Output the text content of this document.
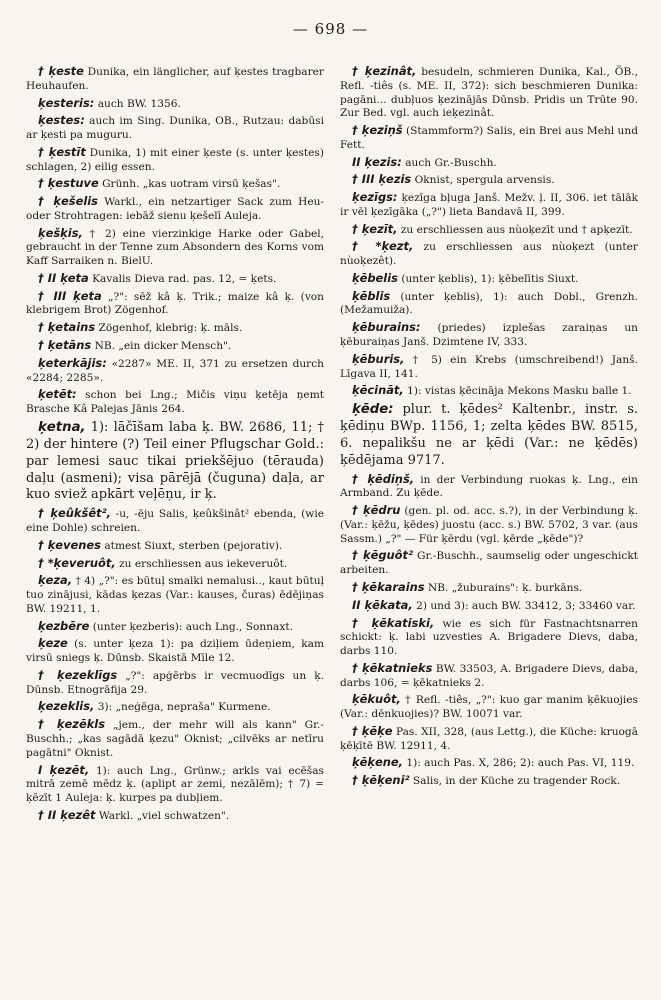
— 698 —

† ķeste Dunika, ein länglicher, auf ķestes tragbarer Heuhaufen.

ķesteris: auch BW. 1356.

ķestes: auch im Sing. Dunika, OB., Rutzau: dabūsi ar ķesti pa muguru.

† ķestīt Dunika, 1) mit einer ķeste (s. unter ķestes) schlagen, 2) eilig essen.

† ķestuve Grünh. „kas uotram virsū ķešas".

† ķešelis Warkl., ein netzartiger Sack zum Heu- oder Strohtragen: iebāž sienu ķešelī Auleja.

ķešķis, † 2) eine vierzinkige Harke oder Gabel, gebraucht in der Tenne zum Absondern des Korns vom Kaff Sarraiken n. BielU.

† II ķeta Kavalis Dieva rad. pas. 12, = ķets.

† III ķeta „?": sēž kâ ķ. Trik.; maize kâ ķ. (von klebrigem Brot) Zögenhof.

† ķetains Zögenhof, klebrig: ķ. māls.

† ķetāns NB. „ein dicker Mensch".

ķeterkājis: «2287» ME. II, 371 zu ersetzen durch «2284; 2285».

ķetēt: schon bei Lng.; Mičis viņu ķetēja ņemt Brasche Kâ Palejas Jānis 264.

ķetna, 1): lāčīšam laba ķ. BW. 2686, 11; † 2) der hintere (?) Teil einer Pflugschar Gold.: par lemesi sauc tikai priekšējuo (tērauda) daļu (asmeni); visa pārējā (čuguna) daļa, ar kuo sviež apkārt veļēņu, ir ķ.

† ķeûkšêt², -u, -ēju Salis, ķeûkšinât² ebenda, (wie eine Dohle) schreien.

† ķevenes atmest Siuxt, sterben (pejorativ).

† *ķeveruôt, zu erschliessen aus iekeveruôt.

ķeza, † 4) „?": es būtuļ smalki nemalusi.., kaut būtuļ tuo zinājusi, kādas ķezas (Var.: kauses, čuras) ēdējiņas BW. 19211, 1.

ķezbēre (unter ķezberis): auch Lng., Sonnaxt.

ķeze (s. unter ķeza 1): pa dziļiem ūdeņiem, kam virsū sniegs ķ. Dūnsb. Skaistā Mīle 12.

† ķezeklīgs „?": apģērbs ir vecmuodīgs un ķ. Dūnsb. Etnogrāfija 29.

ķezeklis, 3): „neģēga, nepraša" Kurmene.

† ķezēkls „jem., der mehr will als kann" Gr.-Buschh.; „kas sagādā ķezu" Oknist; „cilvēks ar netīru pagātni" Oknist.

I ķezēt, 1): auch Lng., Grünw.; arkls vai ecēšas mitrā zemē mēdz ķ. (aplipt ar zemi, nezālēm); † 7) = ķēzīt 1 Auleja: ķ. kurpes pa dubļiem.

† II ķezêt Warkl. „viel schwatzen".

† ķezinât, besudeln, schmieren Dunika, Kal., ÖB., Refl. -tiês (s. ME. II, 372): sich beschmieren Dunika: pagāni... dubļuos ķezinājās Dūnsb. Pridis un Trūte 90. Zur Bed. vgl. auch ieķezinât.

† ķeziņš (Stammform?) Salis, ein Brei aus Mehl und Fett.

II ķezis: auch Gr.-Buschh.

† III ķezis Oknist, spergula arvensis.

ķezīgs: ķezīga bļuga Janš. Mežv. ļ. II, 306. iet tālāk ir vēl ķezīgāka („?") lieta Bandavā II, 399.

† ķezīt, zu erschliessen aus nùoķezīt und † apķezīt.

† *ķezt, zu erschliessen aus nùoķezt (unter nùoķezêt).

ķēbelis (unter ķeblis), 1): ķēbelītis Siuxt.

ķēblis (unter ķeblis), 1): auch Dobl., Grenzh. (Mežamuiža).

ķēburains: (priedes) izplešas zaraiņas un ķēburaiņas Janš. Dzimtene IV, 333.

ķēburis, † 5) ein Krebs (umschreibend!) Janš. Līgava II, 141.

ķēcināt, 1): vistas ķēcināja Mekons Masku balle 1.

ķēde: plur. t. ķēdes² Kaltenbr., instr. s. ķēdiņu BWp. 1156, 1; zelta ķēdes BW. 8515, 6. nepalikšu ne ar ķēdi (Var.: ne ķēdēs) ķēdējama 9717.

† ķēdiņš, in der Verbindung ruokas ķ. Lng., ein Armband. Zu ķēde.

† ķēdru (gen. pl. od. acc. s.?), in der Verbindung ķ. (Var.: ķēžu, ķēdes) juostu (acc. s.) BW. 5702, 3 var. (aus Sassm.) „?" — Für ķērdu (vgl. ķērde „ķēde")?

† ķēguôt² Gr.-Buschh., saumselig oder ungeschickt arbeiten.

† ķēkarains NB. „žuburains": ķ. burkāns.

II ķēkata, 2) und 3): auch BW. 33412, 3; 33460 var.

† ķēkatiski, wie es sich für Fastnachtsnarren schickt: ķ. labi uzvesties A. Brigadere Dievs, daba, darbs 110.

† ķēkatnieks BW. 33503, A. Brigadere Dievs, daba, darbs 106, = ķēkatnieks 2.

ķēkuôt, † Refl. -tiês, „?": kuo gar manim ķēkuojies (Var.: dēnkuojies)? BW. 10071 var.

† ķēķe Pas. XII, 328, (aus Lettg.), die Küche: kruogā ķēķītē BW. 12911, 4.

ķēķene, 1): auch Pas. X, 286; 2): auch Pas. VI, 119.

† ķēķeni² Salis, in der Küche zu tragender Rock.
